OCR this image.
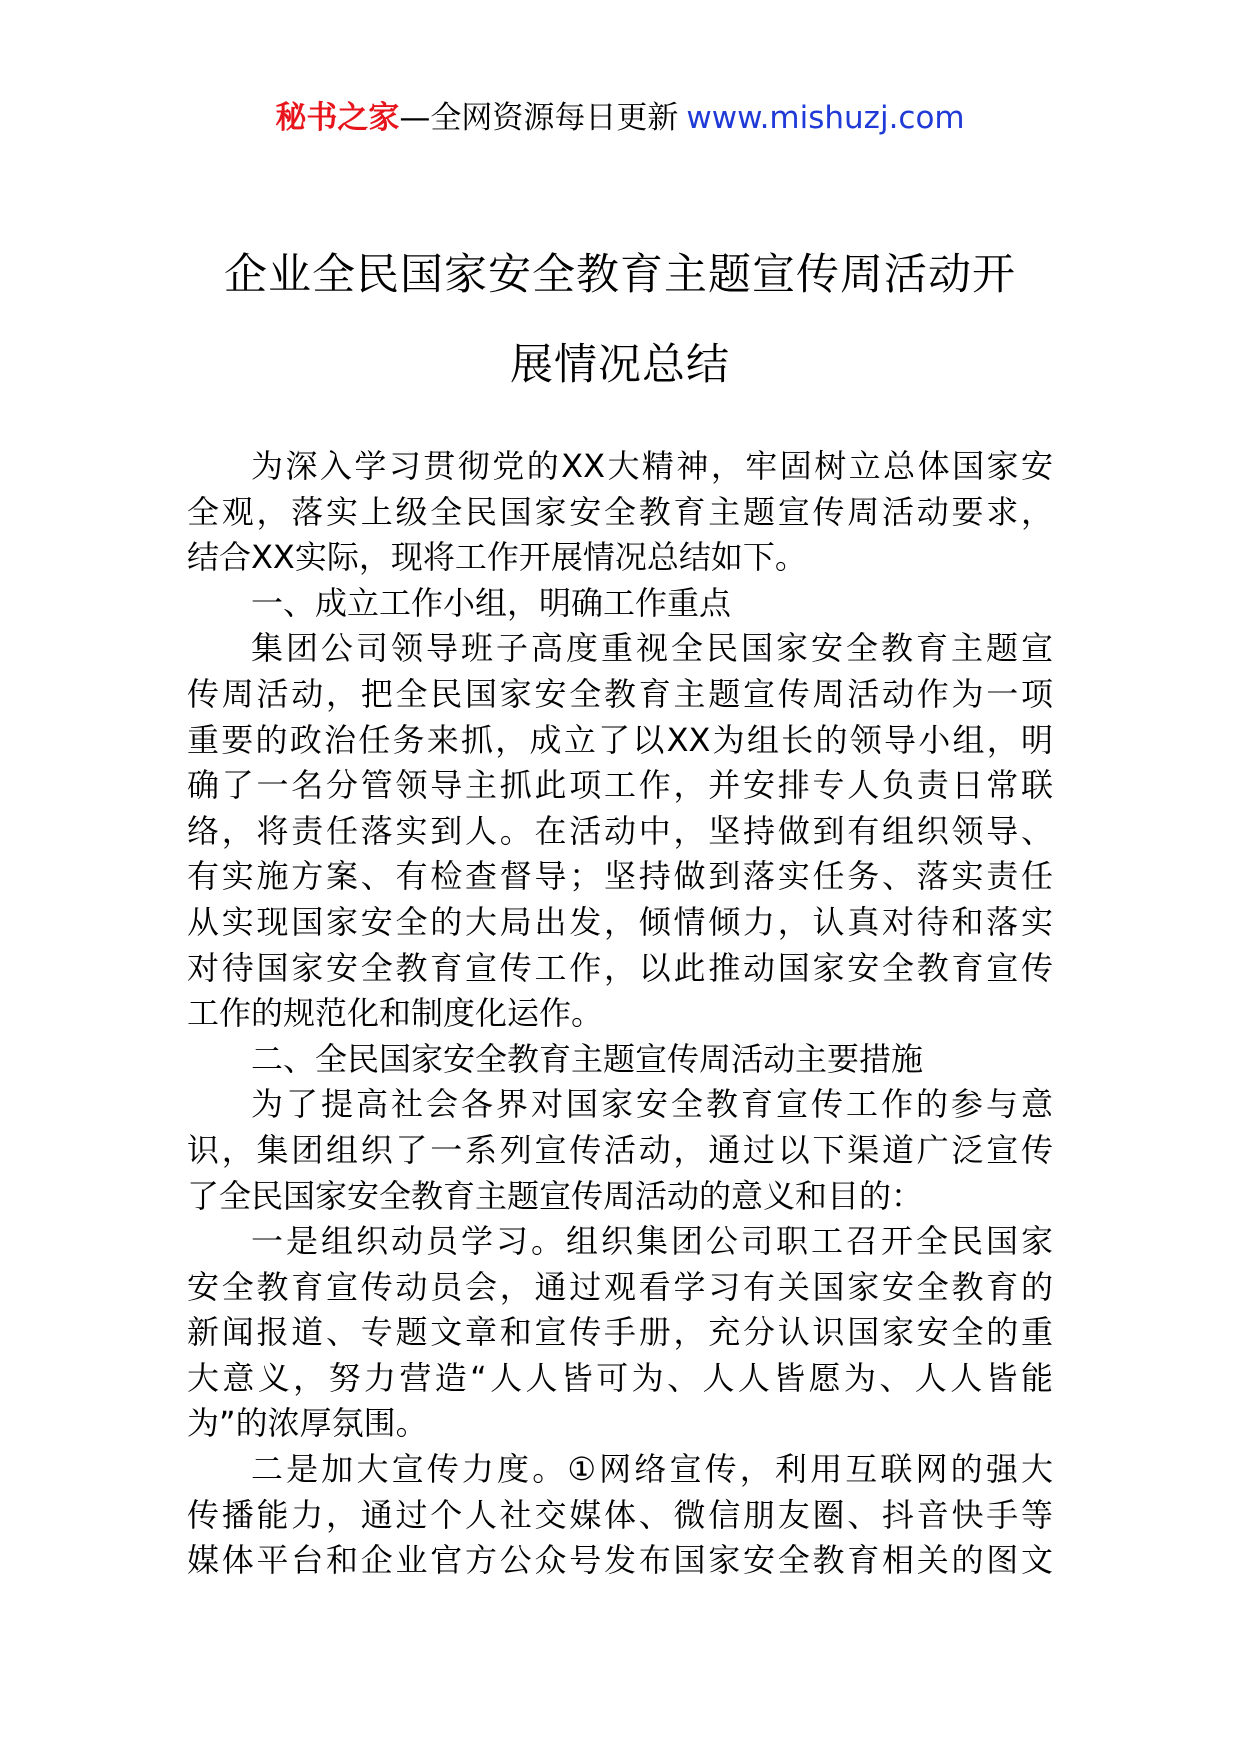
秘书之家—全网资源每日更新 www.mishuzj.com
企业全民国家安全教育主题宣传周活动开
展情况总结
为深入学习贯彻党的XX大精神，牢固树立总体国家安
全观，落实上级全民国家安全教育主题宣传周活动要求，
结合XX实际，现将工作开展情况总结如下。
一、成立工作小组，明确工作重点
集团公司领导班子高度重视全民国家安全教育主题宣
传周活动，把全民国家安全教育主题宣传周活动作为一项
重要的政治任务来抓，成立了以XX为组长的领导小组，明
确了一名分管领导主抓此项工作，并安排专人负责日常联
络，将责任落实到人。在活动中，坚持做到有组织领导、
有实施方案、有检查督导；坚持做到落实任务、落实责任
从实现国家安全的大局出发，倾情倾力，认真对待和落实
对待国家安全教育宣传工作，以此推动国家安全教育宣传
工作的规范化和制度化运作。
二、全民国家安全教育主题宣传周活动主要措施
为了提高社会各界对国家安全教育宣传工作的参与意
识，集团组织了一系列宣传活动，通过以下渠道广泛宣传
了全民国家安全教育主题宣传周活动的意义和目的：
一是组织动员学习。组织集团公司职工召开全民国家
安全教育宣传动员会，通过观看学习有关国家安全教育的
新闻报道、专题文章和宣传手册，充分认识国家安全的重
大意义，努力营造“人人皆可为、人人皆愿为、人人皆能
为”的浓厚氛围。
二是加大宣传力度。①网络宣传，利用互联网的强大
传播能力，通过个人社交媒体、微信朋友圈、抖音快手等
媒体平台和企业官方公众号发布国家安全教育相关的图文
